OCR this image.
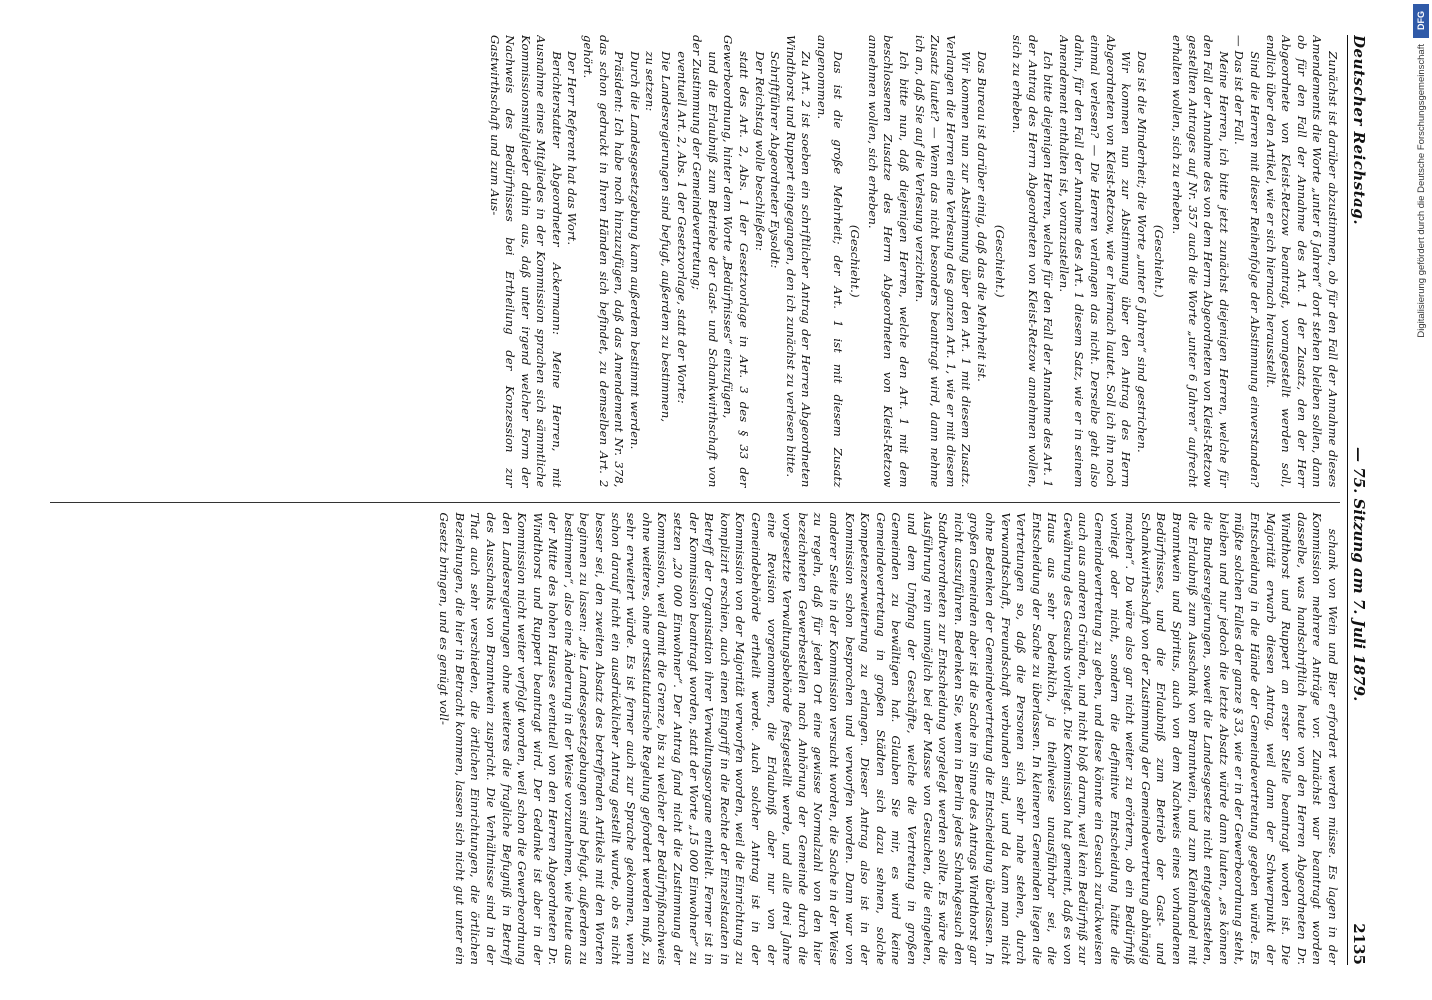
Deutscher Reichstag.
— 75. Sitzung am 7. Juli 1879.
2135

Zunächst ist darüber abzustimmen, ob für den Fall der Annahme dieses Amendements die Worte „unter 6 Jahren“ dort stehen bleiben sollen, dann ob für den Fall der Annahme des Art. 1 der Zusatz, den der Herr Abgeordnete von Kleist-Retzow beantragt, vorangestellt werden soll, endlich über den Artikel, wie er sich hiernach herausstellt.

Sind die Herren mit dieser Reihenfolge der Abstimmung einverstanden? — Das ist der Fall.

Meine Herren, ich bitte jetzt zunächst diejenigen Herren, welche für den Fall der Annahme des von dem Herrn Abgeordneten von Kleist-Retzow gestellten Antrages auf Nr. 357 auch die Worte „unter 6 Jahren“ aufrecht erhalten wollen, sich zu erheben.

(Geschieht.)

Das ist die Minderheit; die Worte „unter 6 Jahren“ sind gestrichen.

Wir kommen nun zur Abstimmung über den Antrag des Herrn Abgeordneten von Kleist-Retzow, wie er hiernach lautet. Soll ich ihn noch einmal verlesen? — Die Herren verlangen das nicht. Derselbe geht also dahin, für den Fall der Annahme des Art. 1 diesem Satz, wie er in seinem Amendement enthalten ist, voranzustellen.

Ich bitte diejenigen Herren, welche für den Fall der Annahme des Art. 1 der Antrag des Herrn Abgeordneten von Kleist-Retzow annehmen wollen, sich zu erheben.

(Geschieht.)

Das Bureau ist darüber einig, daß das die Mehrheit ist.

Wir kommen nun zur Abstimmung über den Art. 1 mit diesem Zusatz. Verlangen die Herren eine Verlesung des ganzen Art. 1, wie er mit diesem Zusatz lautet? — Wenn das nicht besonders beantragt wird, dann nehme ich an, daß Sie auf die Verlesung verzichten.

Ich bitte nun, daß diejenigen Herren, welche den Art. 1 mit dem beschlossenen Zusatze des Herrn Abgeordneten von Kleist-Retzow annehmen wollen, sich erheben.

(Geschieht.)

Das ist die große Mehrheit; der Art. 1 ist mit diesem Zusatz angenommen.

Zu Art. 2 ist soeben ein schriftlicher Antrag der Herren Abgeordneten Windthorst und Ruppert eingegangen, den ich zunächst zu verlesen bitte.

Schriftführer Abgeordneter Eysoldt:

Der Reichstag wolle beschließen:

statt des Art. 2, Abs. 1 der Gesetzvorlage in Art. 3 des § 33 der Gewerbeordnung, hinter dem Worte „Bedürfnisses“ einzufügen,

und die Erlaubniß zum Betriebe der Gast- und Schankwirthschaft von der Zustimmung der Gemeindevertretung;

eventuell Art. 2, Abs. 1 der Gesetzvorlage, statt der Worte:

Die Landesregierungen sind befugt, außerdem zu bestimmen,

zu setzen:

Durch die Landesgesetzgebung kann außerdem bestimmt werden.

Präsident: Ich habe noch hinzuzufügen, daß das Amendement Nr. 378, das schon gedruckt in Ihren Händen sich befindet, zu demselben Art. 2 gehört.

Der Herr Referent hat das Wort.

Berichterstatter Abgeordneter Ackermann: Meine Herren, mit Ausnahme eines Mitgliedes in der Kommission sprachen sich sämmtliche Kommissionsmitglieder dahin aus, daß unter irgend welcher Form der Nachweis des Bedürfnisses bei Ertheilung der Konzession zur Gastwirthschaft und zum Aus-

schank von Wein und Bier erfordert werden müsse. Es lagen in der Kommission mehrere Anträge vor. Zunächst war beantragt worden dasselbe, was handschriftlich heute von den Herren Abgeordneten Dr. Windthorst und Ruppert an erster Stelle beantragt worden ist. Die Majorität erwarb diesen Antrag, weil dann der Schwerpunkt der Entscheidung in die Hände der Gemeindevertretung gegeben würde. Es müßte solchen Falles der ganze § 33, wie er in der Gewerbeordnung steht, bleiben und nur jedoch die letzte Absatz würde dann lauten, „es können die Bundesregierungen, soweit die Landesgesetze nicht entgegenstehen, die Erlaubniß zum Ausschank von Branntwein, und zum Kleinhandel mit Branntwein und Spiritus, auch von dem Nachweis eines vorhandenen Bedürfnisses, und die Erlaubniß zum Betrieb der Gast- und Schankwirthschaft von der Zustimmung der Gemeindevertretung abhängig machen“. Da wäre also gar nicht weiter zu erörtern, ob ein Bedürfniß vorliegt oder nicht, sondern die definitive Entscheidung hätte die Gemeindevertretung zu geben, und diese könnte ein Gesuch zurückweisen auch aus anderen Gründen, und nicht bloß darum, weil kein Bedürfniß zur Gewährung des Gesuchs vorliegt. Die Kommission hat gemeint, daß es von Haus aus sehr bedenklich, ja theilweise unausführbar sei, die Entscheidung der Sache zu überlassen. In kleineren Gemeinden liegen die Vertretungen so, daß die Personen sich sehr nahe stehen, durch Verwandtschaft, Freundschaft verbunden sind, und da kann man nicht ohne Bedenken der Gemeindevertretung die Entscheidung überlassen. In großen Gemeinden aber ist die Sache im Sinne des Antrags Windthorst gar nicht auszuführen. Bedenken Sie, wenn in Berlin jedes Schankgesuch den Stadtverordneten zur Entscheidung vorgelegt werden sollte. Es wäre die Ausführung rein unmöglich bei der Masse von Gesuchen, die eingehen, und dem Umfang der Geschäfte, welche die Vertretung in großen Gemeinden zu bewältigen hat. Glauben Sie mir, es wird keine Gemeindevertretung in großen Städten sich dazu sehnen, solche Kompetenzerweiterung zu erlangen. Dieser Antrag also ist in der Kommission schon besprochen und verworfen worden. Dann war von anderer Seite in der Kommission versucht worden, die Sache in der Weise zu regeln, daß für jeden Ort eine gewisse Normalzahl von den hier bezeichneten Gewerbestellen nach Anhörung der Gemeinde durch die vorgesetzte Verwaltungsbehörde festgestellt werde, und alle drei Jahre eine Revision vorgenommen, die Erlaubniß aber nur von der Gemeindebehörde ertheilt werde. Auch solcher Antrag ist in der Kommission von der Majorität verworfen worden, weil die Einrichtung zu komplizirt erschien, auch einen Eingriff in die Rechte der Einzelstaaten in Betreff der Organisation ihrer Verwaltungsorgane enthielt. Ferner ist in der Kommission beantragt worden, statt der Worte „15 000 Einwohner“ zu setzen „20 000 Einwohner“. Der Antrag fand nicht die Zustimmung der Kommission, weil damit die Grenze, bis zu welcher der Bedürfnißnachweis ohne weiteres, ohne ortsstatutarische Regelung gefordert werden muß, zu sehr erweitert würde. Es ist ferner auch zur Sprache gekommen, wenn schon darauf nicht ein ausdrücklicher Antrag gestellt wurde, ob es nicht besser sei, den zweiten Absatz des betreffenden Artikels mit den Worten beginnen zu lassen: „die Landesgesetzgebungen sind befugt, außerdem zu bestimmen“, also eine Änderung in der Weise vorzunehmen, wie heute aus der Mitte des hohen Hauses eventuell von den Herren Abgeordneten Dr. Windthorst und Ruppert beantragt wird. Der Gedanke ist aber in der Kommission nicht weiter verfolgt worden, weil schon die Gewerbeordnung den Landesregierungen ohne weiteres die fragliche Befugniß in Betreff des Ausschanks von Branntwein zuspricht. Die Verhältnisse sind in der That auch sehr verschieden, die örtlichen Einrichtungen, die örtlichen Beziehungen, die hier in Betracht kommen, lassen sich nicht gut unter ein Gesetz bringen, und es genügt voll-

DFG
Digitalisierung gefördert durch die Deutsche Forschungsgemeinschaft
